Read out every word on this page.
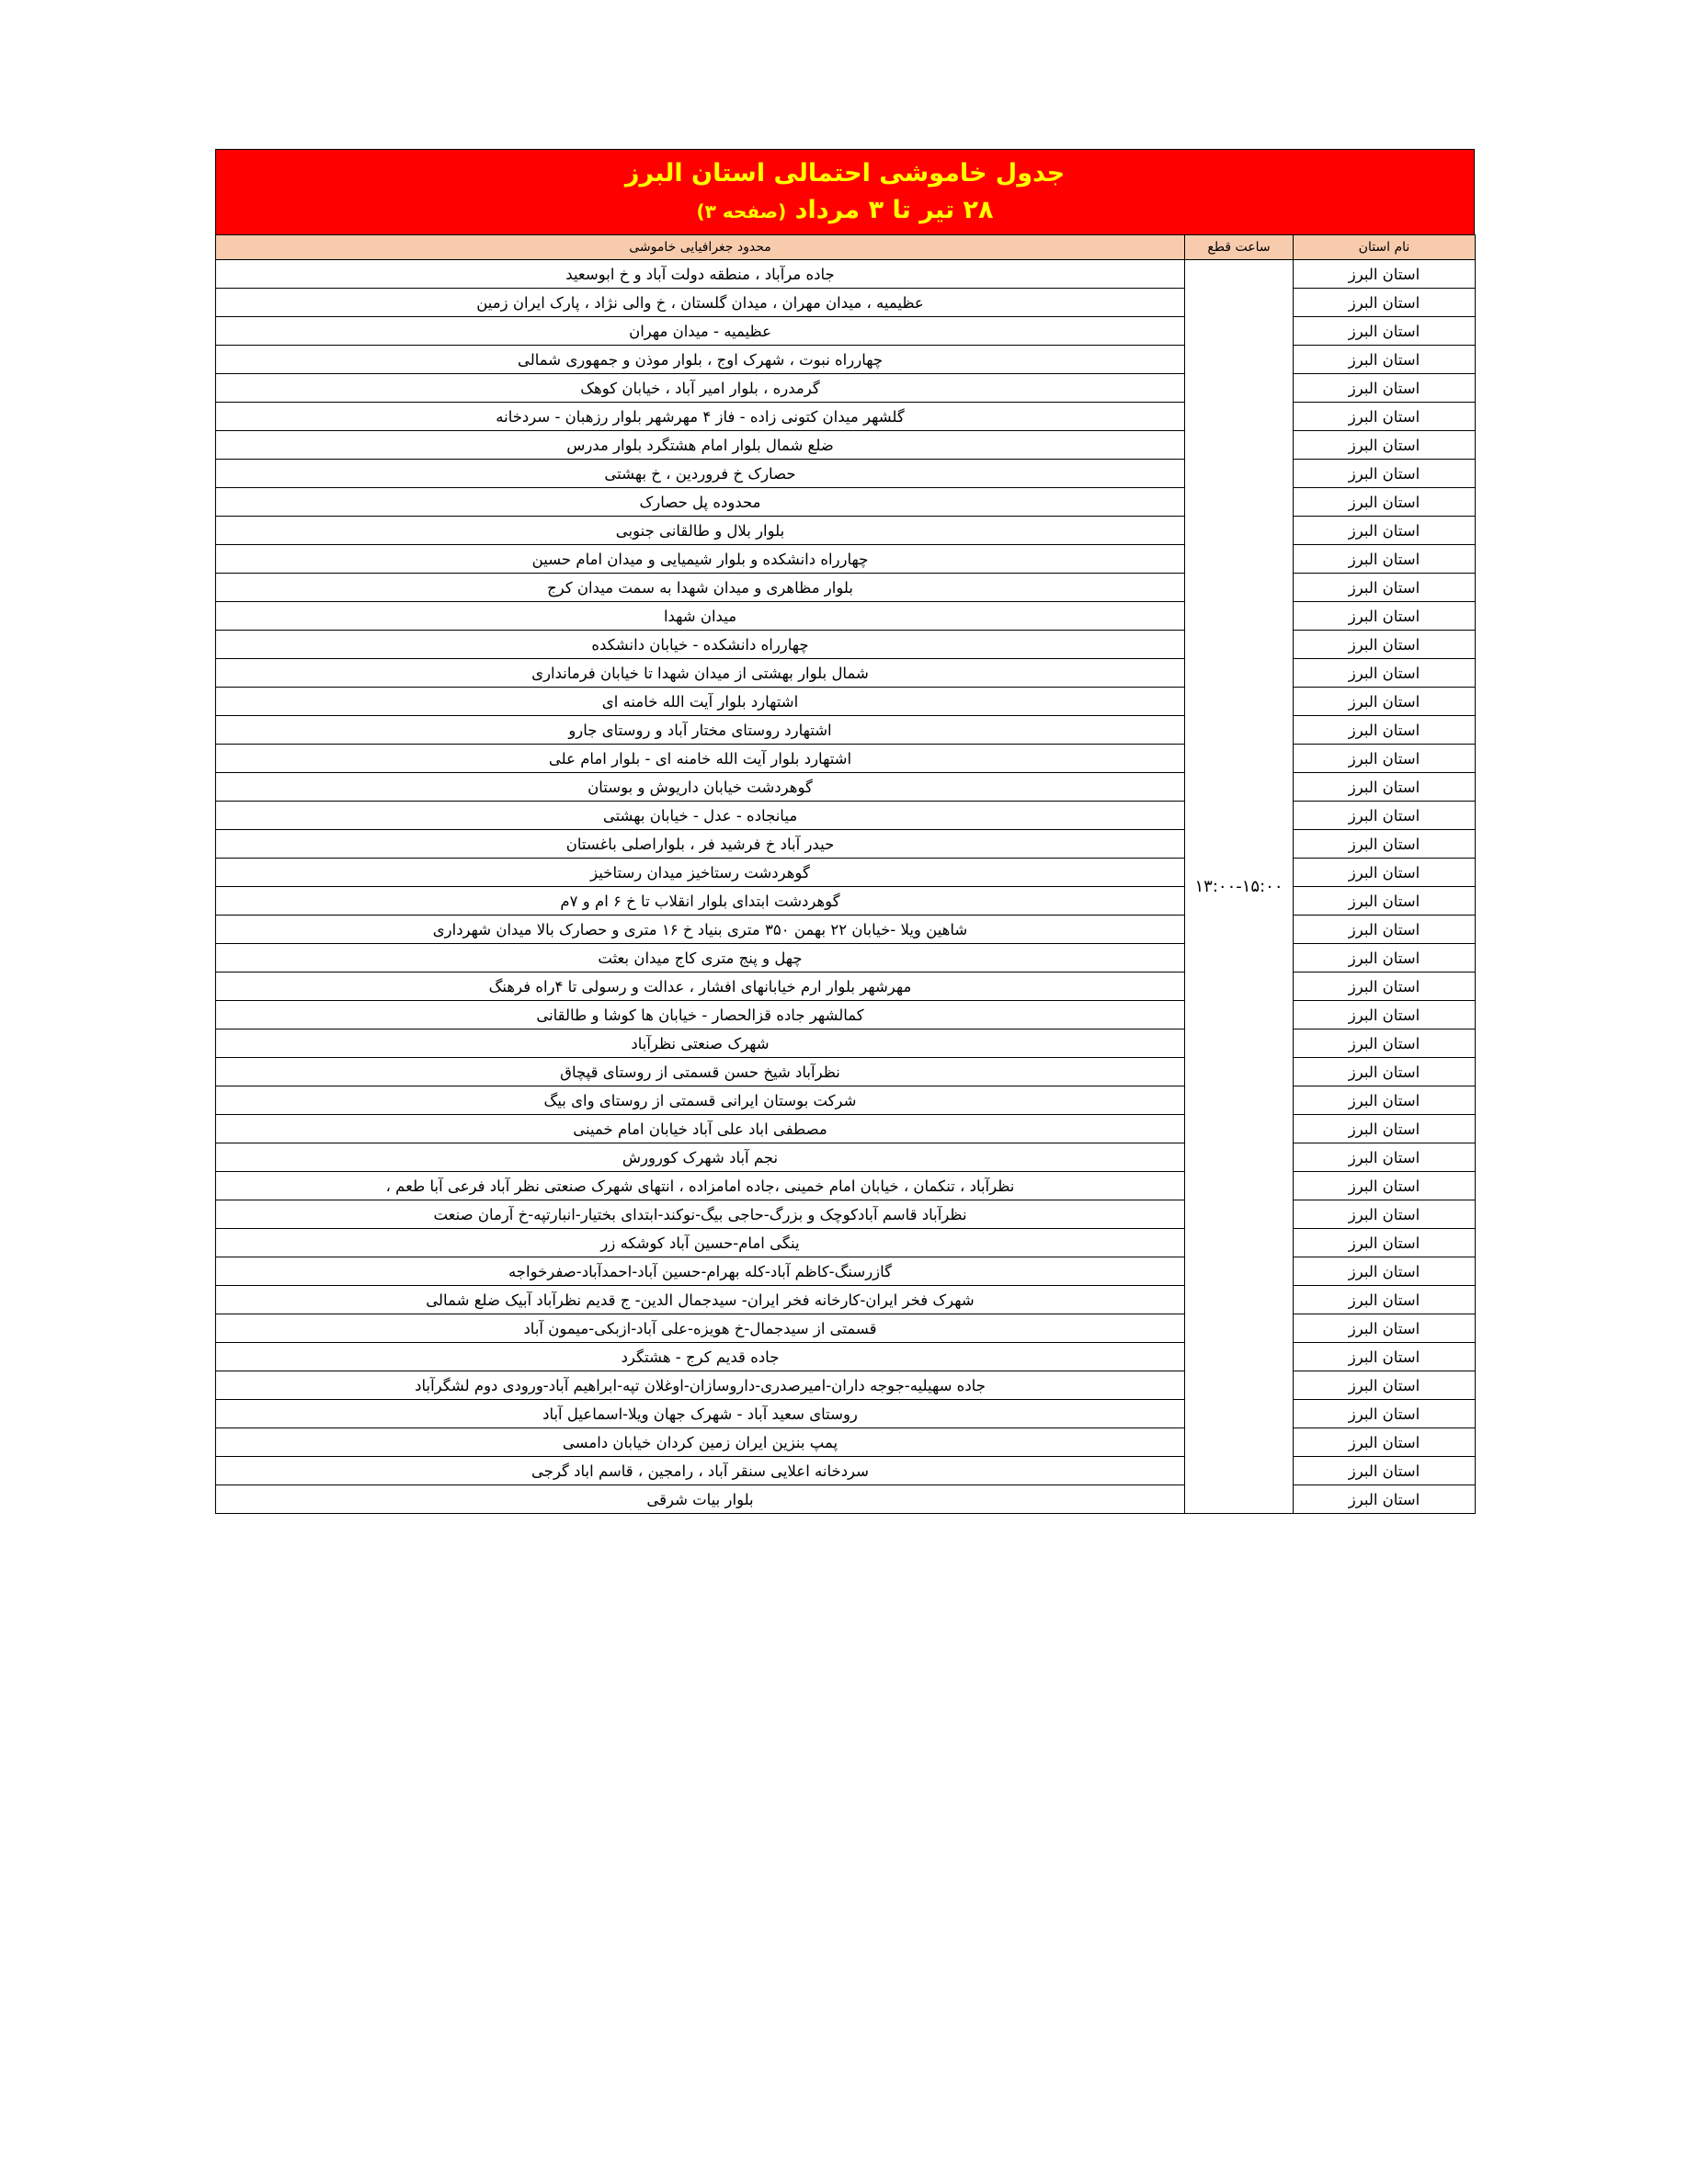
جدول خاموشی احتمالی استان البرز
۲۸ تیر تا ۳ مرداد (صفحه ۳)
نام استان	ساعت قطع	محدود جغرافیایی خاموشی
استان البرز	۱۳:۰۰-۱۵:۰۰	جاده مرآباد ، منطقه دولت آباد و خ ابوسعید
استان البرز		عظیمیه ، میدان مهران ، میدان گلستان ، خ والی نژاد ، پارک ایران زمین
استان البرز		عظیمیه - میدان مهران
استان البرز		چهارراه نبوت ، شهرک اوج ، بلوار موذن و جمهوری شمالی
استان البرز		گرمدره ، بلوار امیر آباد ، خیابان کوهک
استان البرز		گلشهر میدان کتونی زاده - فاز ۴ مهرشهر بلوار رزهبان - سردخانه
استان البرز		ضلع شمال بلوار امام هشتگرد بلوار مدرس
استان البرز		حصارک خ فروردین ، خ بهشتی
استان البرز		محدوده پل حصارک
استان البرز		بلوار بلال و طالقانی جنوبی
استان البرز		چهارراه دانشکده و بلوار شیمیایی و میدان امام حسین
استان البرز		بلوار مظاهری و میدان شهدا به سمت میدان کرج
استان البرز		میدان شهدا
استان البرز		چهارراه دانشکده - خیابان دانشکده
استان البرز		شمال بلوار بهشتی از میدان شهدا تا خیابان فرمانداری
استان البرز		اشتهارد بلوار آیت الله خامنه ای
استان البرز		اشتهارد روستای مختار آباد و روستای جارو
استان البرز		اشتهارد بلوار آیت الله خامنه ای - بلوار امام علی
استان البرز		گوهردشت خیابان داریوش و بوستان
استان البرز		میانجاده - عدل - خیابان بهشتی
استان البرز		حیدر آباد خ فرشید فر ، بلواراصلی باغستان
استان البرز		گوهردشت رستاخیز میدان رستاخیز
استان البرز		گوهردشت ابتدای بلوار انقلاب تا خ ۶ ام و ۷م
استان البرز		شاهین ویلا -خیابان ۲۲ بهمن ۳۵۰ متری بنیاد خ ۱۶ متری و حصارک بالا میدان شهرداری
استان البرز		چهل و پنج متری کاج میدان بعثت
استان البرز		مهرشهر بلوار ارم خیابانهای افشار ، عدالت و رسولی تا ۴راه فرهنگ
استان البرز		کمالشهر جاده قزالحصار - خیابان ها کوشا و طالقانی
استان البرز		شهرک صنعتی نظرآباد
استان البرز		نظرآباد شیخ حسن قسمتی از روستای قپچاق
استان البرز		شرکت بوستان ایرانی قسمتی از روستای وای بیگ
استان البرز		مصطفی اباد علی آباد خیابان امام خمینی
استان البرز		نجم آباد شهرک کورورش
استان البرز		نظرآباد ، تنکمان ، خیابان امام خمینی ،جاده امامزاده ، انتهای شهرک صنعتی نظر آباد فرعی آبا طعم ،
استان البرز		نظرآباد قاسم آبادکوچک و بزرگ-حاجی بیگ-نوکند-ابتدای بختیار-انبارتپه-خ آرمان صنعت
استان البرز		ینگی امام-حسین آباد کوشکه زر
استان البرز		گازرسنگ-کاظم آباد-کله بهرام-حسین آباد-احمدآباد-صفرخواجه
استان البرز		شهرک فخر ایران-کارخانه فخر ایران- سیدجمال الدین- ج قدیم نظرآباد آبیک ضلع شمالی
استان البرز		قسمتی از سیدجمال-خ هویزه-علی آباد-ازبکی-میمون آباد
استان البرز		جاده قدیم کرج - هشتگرد
استان البرز		جاده سهیلیه-جوجه داران-امیرصدری-داروسازان-اوغلان تپه-ابراهیم آباد-ورودی دوم لشگرآباد
استان البرز		روستای سعید آباد - شهرک جهان ویلا-اسماعیل آباد
استان البرز		پمپ بنزین ایران زمین کردان خیابان دامسی
استان البرز		سردخانه اعلایی سنقر آباد ، رامجین ، قاسم اباد گرجی
استان البرز		بلوار بیات شرقی
